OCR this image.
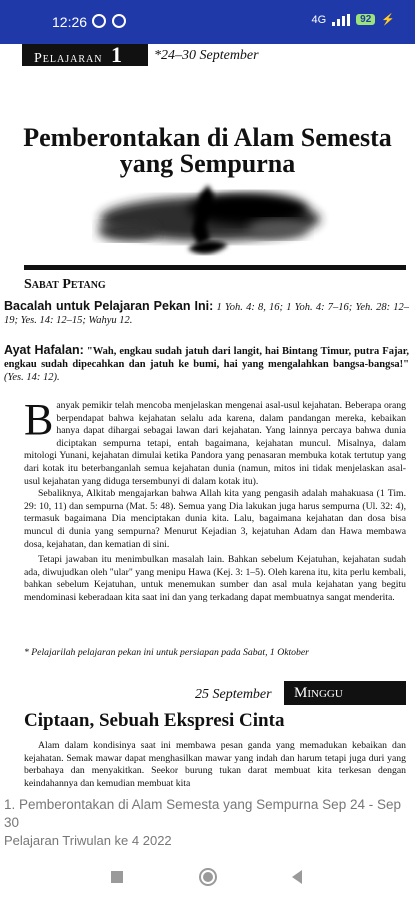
12:26	4G	92 ⚡
Pelajaran 1	*24–30 September
Pemberontakan di Alam Semesta
yang Sempurna
Sabat Petang
Bacalah untuk Pelajaran Pekan Ini: 1 Yoh. 4: 8, 16; 1 Yoh. 4: 7–16; Yeh. 28: 12–19; Yes. 14: 12–15; Wahyu 12.
Ayat Hafalan: "Wah, engkau sudah jatuh dari langit, hai Bintang Timur, putra Fajar, engkau sudah dipecahkan dan jatuh ke bumi, hai yang mengalahkan bangsa-bangsa!" (Yes. 14: 12).

Banyak pemikir telah mencoba menjelaskan mengenai asal-usul kejahatan. Beberapa orang berpendapat bahwa kejahatan selalu ada karena, dalam pandangan mereka, kebaikan hanya dapat dihargai sebagai lawan dari kejahatan. Yang lainnya percaya bahwa dunia diciptakan sempurna tetapi, entah bagaimana, kejahatan muncul. Misalnya, dalam mitologi Yunani, kejahatan dimulai ketika Pandora yang penasaran membuka kotak tertutup yang dari kotak itu beterbanganlah semua kejahatan dunia (namun, mitos ini tidak menjelaskan asal-usul kejahatan yang diduga tersembunyi di dalam kotak itu).

Sebaliknya, Alkitab mengajarkan bahwa Allah kita yang pengasih adalah mahakuasa (1 Tim. 29: 10, 11) dan sempurna (Mat. 5: 48). Semua yang Dia lakukan juga harus sempurna (Ul. 32: 4), termasuk bagaimana Dia menciptakan dunia kita. Lalu, bagaimana kejahatan dan dosa bisa muncul di dunia yang sempurna? Menurut Kejadian 3, kejatuhan Adam dan Hawa membawa dosa, kejahatan, dan kematian di sini.

Tetapi jawaban itu menimbulkan masalah lain. Bahkan sebelum Kejatuhan, kejahatan sudah ada, diwujudkan oleh "ular" yang menipu Hawa (Kej. 3: 1–5). Oleh karena itu, kita perlu kembali, bahkan sebelum Kejatuhan, untuk menemukan sumber dan asal mula kejahatan yang begitu mendominasi keberadaan kita saat ini dan yang terkadang dapat membuatnya sangat menderita.

* Pelajarilah pelajaran pekan ini untuk persiapan pada Sabat, 1 Oktober
25 September	Minggu
Ciptaan, Sebuah Ekspresi Cinta
Alam dalam kondisinya saat ini membawa pesan ganda yang memadukan kebaikan dan kejahatan. Semak mawar dapat menghasilkan mawar yang indah dan harum tetapi juga duri yang berbahaya dan menyakitkan. Seekor burung tukan darat membuat kita terkesan dengan keindahannya dan kemudian membuat kita
1. Pemberontakan di Alam Semesta yang Sempurna Sep 24 - Sep 30
Pelajaran Triwulan ke 4 2022
